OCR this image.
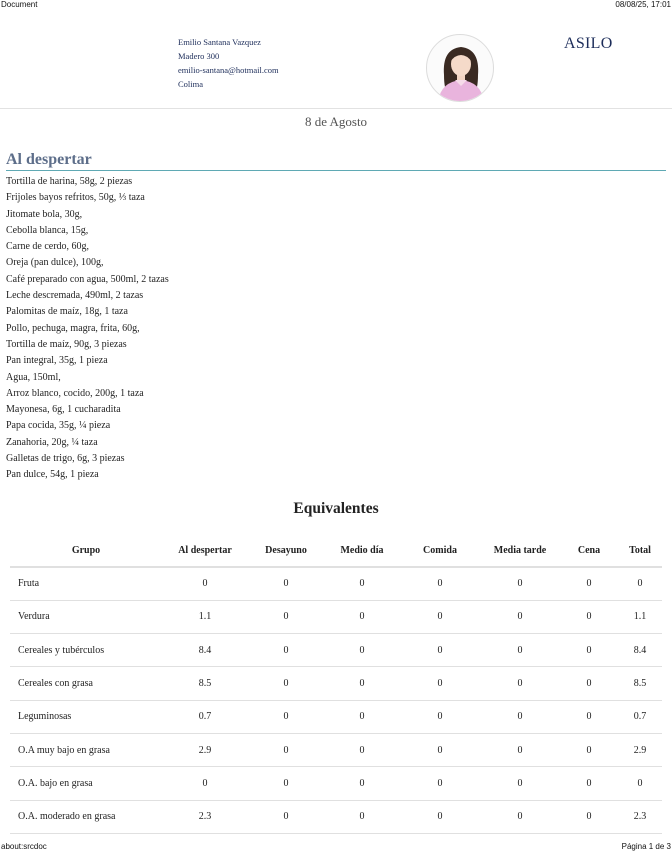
Document	08/08/25, 17:01
Emilio Santana Vazquez
Madero 300
emilio-santana@hotmail.com
Colima
ASILO
8 de Agosto
Al despertar
Tortilla de harina, 58g, 2 piezas
Frijoles bayos refritos, 50g, ⅓ taza
Jitomate bola, 30g,
Cebolla blanca, 15g,
Carne de cerdo, 60g,
Oreja (pan dulce), 100g,
Café preparado con agua, 500ml, 2 tazas
Leche descremada, 490ml, 2 tazas
Palomitas de maíz, 18g, 1 taza
Pollo, pechuga, magra, frita, 60g,
Tortilla de maíz, 90g, 3 piezas
Pan integral, 35g, 1 pieza
Agua, 150ml,
Arroz blanco, cocido, 200g, 1 taza
Mayonesa, 6g, 1 cucharadita
Papa cocida, 35g, ¼ pieza
Zanahoria, 20g, ¼ taza
Galletas de trigo, 6g, 3 piezas
Pan dulce, 54g, 1 pieza
Equivalentes
Grupo	Al despertar	Desayuno	Medio día	Comida	Media tarde	Cena	Total
Fruta	0	0	0	0	0	0	0
Verdura	1.1	0	0	0	0	0	1.1
Cereales y tubérculos	8.4	0	0	0	0	0	8.4
Cereales con grasa	8.5	0	0	0	0	0	8.5
Leguminosas	0.7	0	0	0	0	0	0.7
O.A muy bajo en grasa	2.9	0	0	0	0	0	2.9
O.A. bajo en grasa	0	0	0	0	0	0	0
O.A. moderado en grasa	2.3	0	0	0	0	0	2.3
about:srcdoc	Página 1 de 3
